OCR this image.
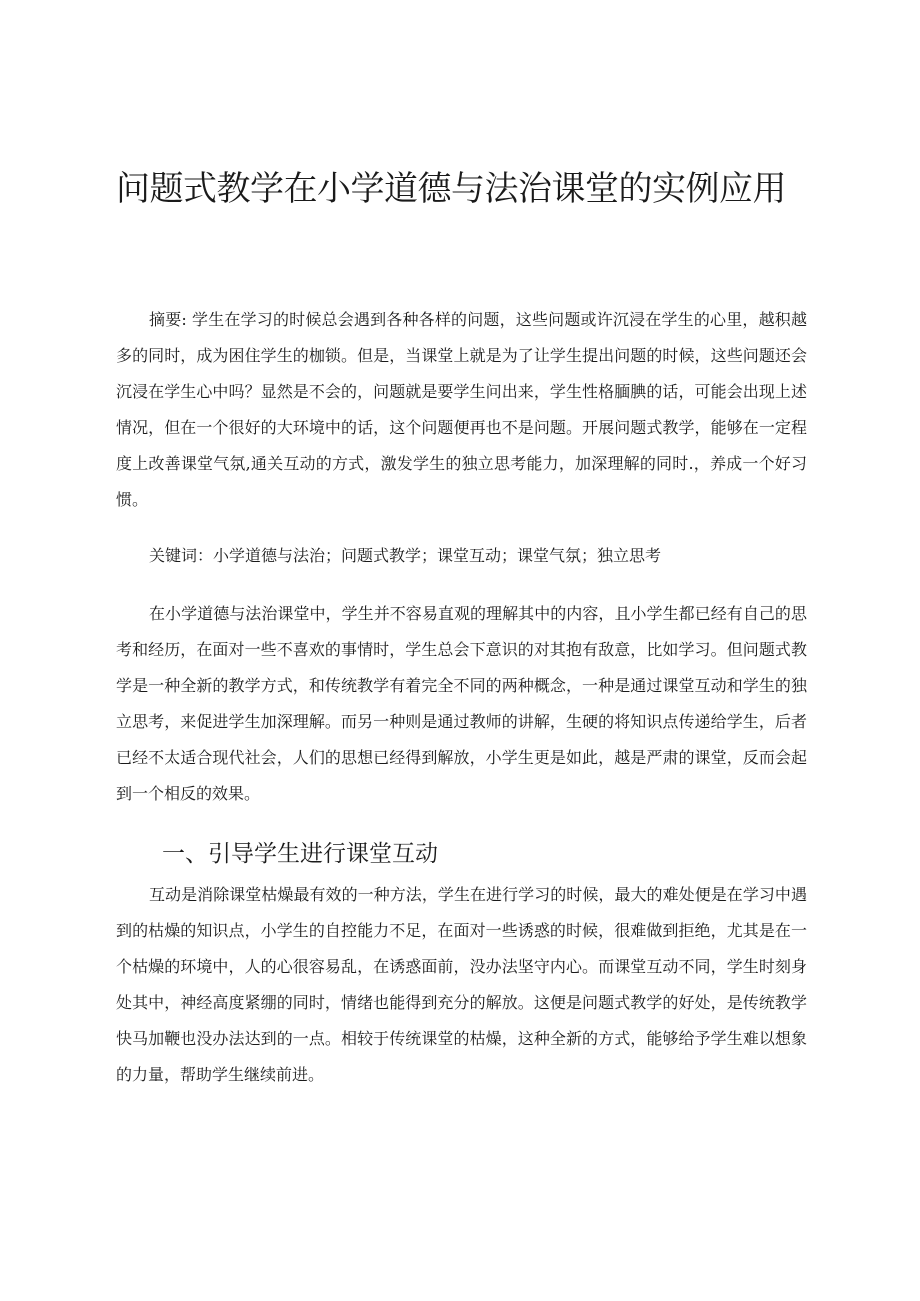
问题式教学在小学道德与法治课堂的实例应用

摘要: 学生在学习的时候总会遇到各种各样的问题，这些问题或许沉浸在学生的心里，越积越多的同时，成为困住学生的枷锁。但是，当课堂上就是为了让学生提出问题的时候，这些问题还会沉浸在学生心中吗？显然是不会的，问题就是要学生问出来，学生性格腼腆的话，可能会出现上述情况，但在一个很好的大环境中的话，这个问题便再也不是问题。开展问题式教学，能够在一定程度上改善课堂气氛,通关互动的方式，激发学生的独立思考能力，加深理解的同时.，养成一个好习惯。

关键词：小学道德与法治；问题式教学；课堂互动；课堂气氛；独立思考

在小学道德与法治课堂中，学生并不容易直观的理解其中的内容，且小学生都已经有自己的思考和经历，在面对一些不喜欢的事情时，学生总会下意识的对其抱有敌意，比如学习。但问题式教学是一种全新的教学方式，和传统教学有着完全不同的两种概念，一种是通过课堂互动和学生的独立思考，来促进学生加深理解。而另一种则是通过教师的讲解，生硬的将知识点传递给学生，后者已经不太适合现代社会，人们的思想已经得到解放，小学生更是如此，越是严肃的课堂，反而会起到一个相反的效果。

一、引导学生进行课堂互动

互动是消除课堂枯燥最有效的一种方法，学生在进行学习的时候，最大的难处便是在学习中遇到的枯燥的知识点，小学生的自控能力不足，在面对一些诱惑的时候，很难做到拒绝，尤其是在一个枯燥的环境中，人的心很容易乱，在诱惑面前，没办法坚守内心。而课堂互动不同，学生时刻身处其中，神经高度紧绷的同时，情绪也能得到充分的解放。这便是问题式教学的好处，是传统教学快马加鞭也没办法达到的一点。相较于传统课堂的枯燥，这种全新的方式，能够给予学生难以想象的力量，帮助学生继续前进。
